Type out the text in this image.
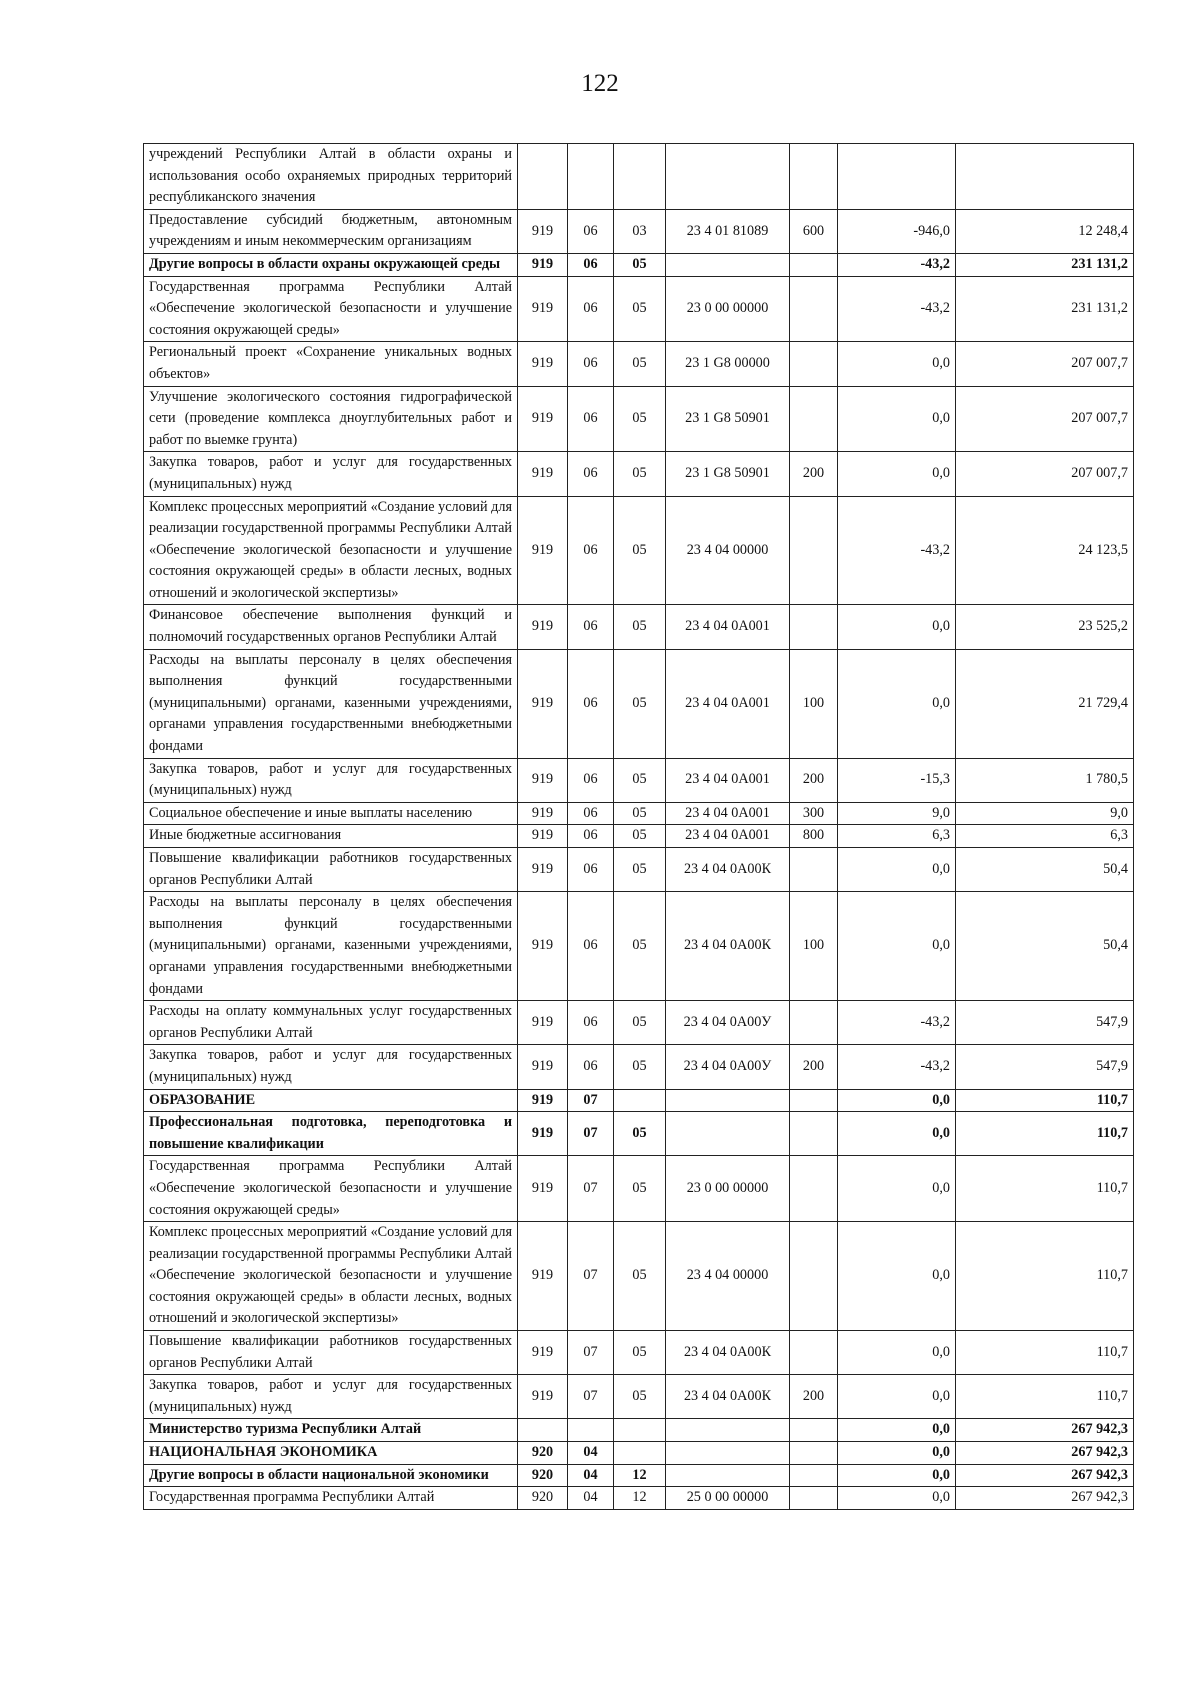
122
учреждений Республики Алтай в области охраны и использования особо охраняемых природных территорий республиканского значения							
Предоставление субсидий бюджетным, автономным учреждениям и иным некоммерческим организациям	919	06	03	23 4 01 81089	600	-946,0	12 248,4
Другие вопросы в области охраны окружающей среды	919	06	05			-43,2	231 131,2
Государственная программа Республики Алтай «Обеспечение экологической безопасности и улучшение состояния окружающей среды»	919	06	05	23 0 00 00000		-43,2	231 131,2
Региональный проект «Сохранение уникальных водных объектов»	919	06	05	23 1 G8 00000		0,0	207 007,7
Улучшение экологического состояния гидрографической сети (проведение комплекса дноуглубительных работ и работ по выемке грунта)	919	06	05	23 1 G8 50901		0,0	207 007,7
Закупка товаров, работ и услуг для государственных (муниципальных) нужд	919	06	05	23 1 G8 50901	200	0,0	207 007,7
Комплекс процессных мероприятий «Создание условий для реализации государственной программы Республики Алтай «Обеспечение экологической безопасности и улучшение состояния окружающей среды» в области лесных, водных отношений и экологической экспертизы»	919	06	05	23 4 04 00000		-43,2	24 123,5
Финансовое обеспечение выполнения функций и полномочий государственных органов Республики Алтай	919	06	05	23 4 04 0А001		0,0	23 525,2
Расходы на выплаты персоналу в целях обеспечения выполнения функций государственными (муниципальными) органами, казенными учреждениями, органами управления государственными внебюджетными фондами	919	06	05	23 4 04 0А001	100	0,0	21 729,4
Закупка товаров, работ и услуг для государственных (муниципальных) нужд	919	06	05	23 4 04 0А001	200	-15,3	1 780,5
Социальное обеспечение и иные выплаты населению	919	06	05	23 4 04 0А001	300	9,0	9,0
Иные бюджетные ассигнования	919	06	05	23 4 04 0А001	800	6,3	6,3
Повышение квалификации работников государственных органов Республики Алтай	919	06	05	23 4 04 0А00К		0,0	50,4
Расходы на выплаты персоналу в целях обеспечения выполнения функций государственными (муниципальными) органами, казенными учреждениями, органами управления государственными внебюджетными фондами	919	06	05	23 4 04 0А00К	100	0,0	50,4
Расходы на оплату коммунальных услуг государственных органов Республики Алтай	919	06	05	23 4 04 0А00У		-43,2	547,9
Закупка товаров, работ и услуг для государственных (муниципальных) нужд	919	06	05	23 4 04 0А00У	200	-43,2	547,9
ОБРАЗОВАНИЕ	919	07				0,0	110,7
Профессиональная подготовка, переподготовка и повышение квалификации	919	07	05			0,0	110,7
Государственная программа Республики Алтай «Обеспечение экологической безопасности и улучшение состояния окружающей среды»	919	07	05	23 0 00 00000		0,0	110,7
Комплекс процессных мероприятий «Создание условий для реализации государственной программы Республики Алтай «Обеспечение экологической безопасности и улучшение состояния окружающей среды» в области лесных, водных отношений и экологической экспертизы»	919	07	05	23 4 04 00000		0,0	110,7
Повышение квалификации работников государственных органов Республики Алтай	919	07	05	23 4 04 0А00К		0,0	110,7
Закупка товаров, работ и услуг для государственных (муниципальных) нужд	919	07	05	23 4 04 0А00К	200	0,0	110,7
Министерство туризма Республики Алтай						0,0	267 942,3
НАЦИОНАЛЬНАЯ ЭКОНОМИКА	920	04				0,0	267 942,3
Другие вопросы в области национальной экономики	920	04	12			0,0	267 942,3
Государственная программа Республики Алтай	920	04	12	25 0 00 00000		0,0	267 942,3
